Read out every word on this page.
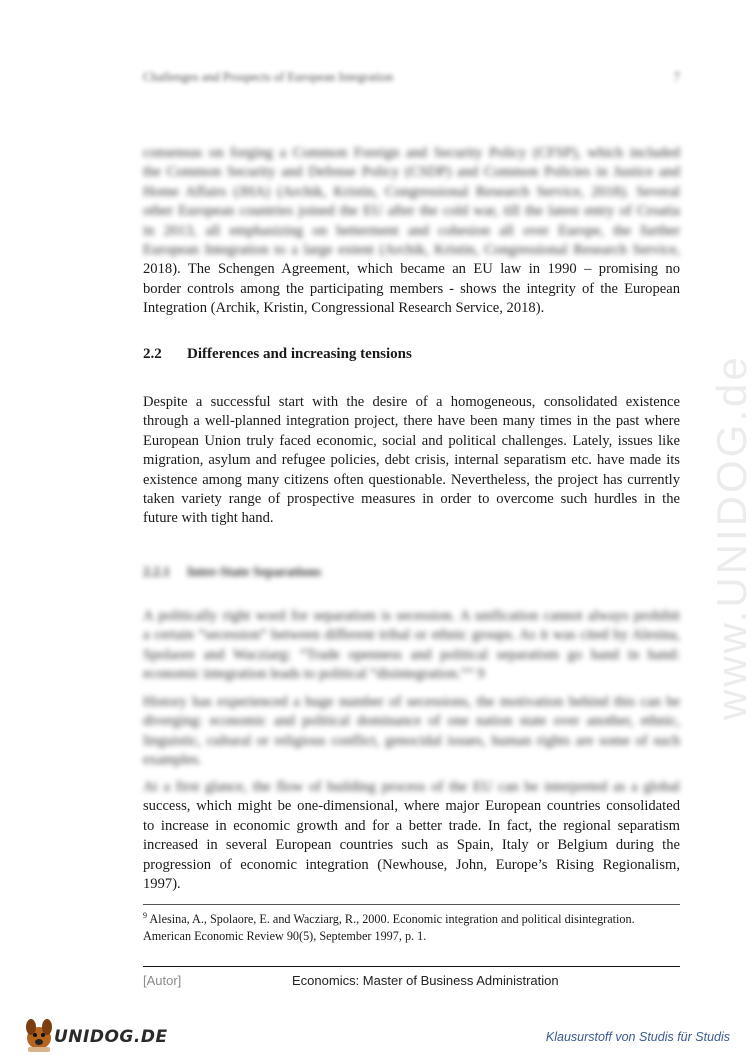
www.UNIDOG.de
Challenges and Prospects of European Integration	7
consensus on forging a Common Foreign and Security Policy (CFSP), which included
the Common Security and Defense Policy (CSDP) and Common Policies in Justice and
Home Affairs (JHA) (Archik, Kristin, Congressional Research Service, 2018). Several
other European countries joined the EU after the cold war, till the latest entry of Croatia
in 2013, all emphasizing on betterment and cohesion all over Europe, the further
European Integration to a large extent (Archik, Kristin, Congressional Research Service,
2018). The Schengen Agreement, which became an EU law in 1990 – promising no
border controls among the participating members - shows the integrity of the European
Integration (Archik, Kristin, Congressional Research Service, 2018).
2.2 Differences and increasing tensions
Despite a successful start with the desire of a homogeneous, consolidated existence
through a well-planned integration project, there have been many times in the past where
European Union truly faced economic, social and political challenges. Lately, issues like
migration, asylum and refugee policies, debt crisis, internal separatism etc. have made its
existence among many citizens often questionable. Nevertheless, the project has currently
taken variety range of prospective measures in order to overcome such hurdles in the
future with tight hand.
2.2.1 Inter-State Separations
A politically right word for separatism is secession. A unification cannot always prohibit
a certain “secession” between different tribal or ethnic groups. As it was cited by Alesina,
Spolaore and Wacziarg: “Trade openness and political separatism go hand in hand:
economic integration leads to political “disintegration.”” 9
History has experienced a huge number of secessions, the motivation behind this can be
diverging: economic and political dominance of one nation state over another, ethnic,
linguistic, cultural or religious conflict, genocidal issues, human rights are some of such
examples.
At a first glance, the flow of building process of the EU can be interpreted as a global
success, which might be one-dimensional, where major European countries consolidated
to increase in economic growth and for a better trade. In fact, the regional separatism
increased in several European countries such as Spain, Italy or Belgium during the
progression of economic integration (Newhouse, John, Europe’s Rising Regionalism,
1997).

$^9$ Alesina, A., Spolaore, E. and Wacziarg, R., 2000. Economic integration and political disintegration.
American Economic Review 90(5), September 1997, p. 1.

[Autor]	Economics: Master of Business Administration
UNIDOG.DE	Klausurstoff von Studis für Studis
